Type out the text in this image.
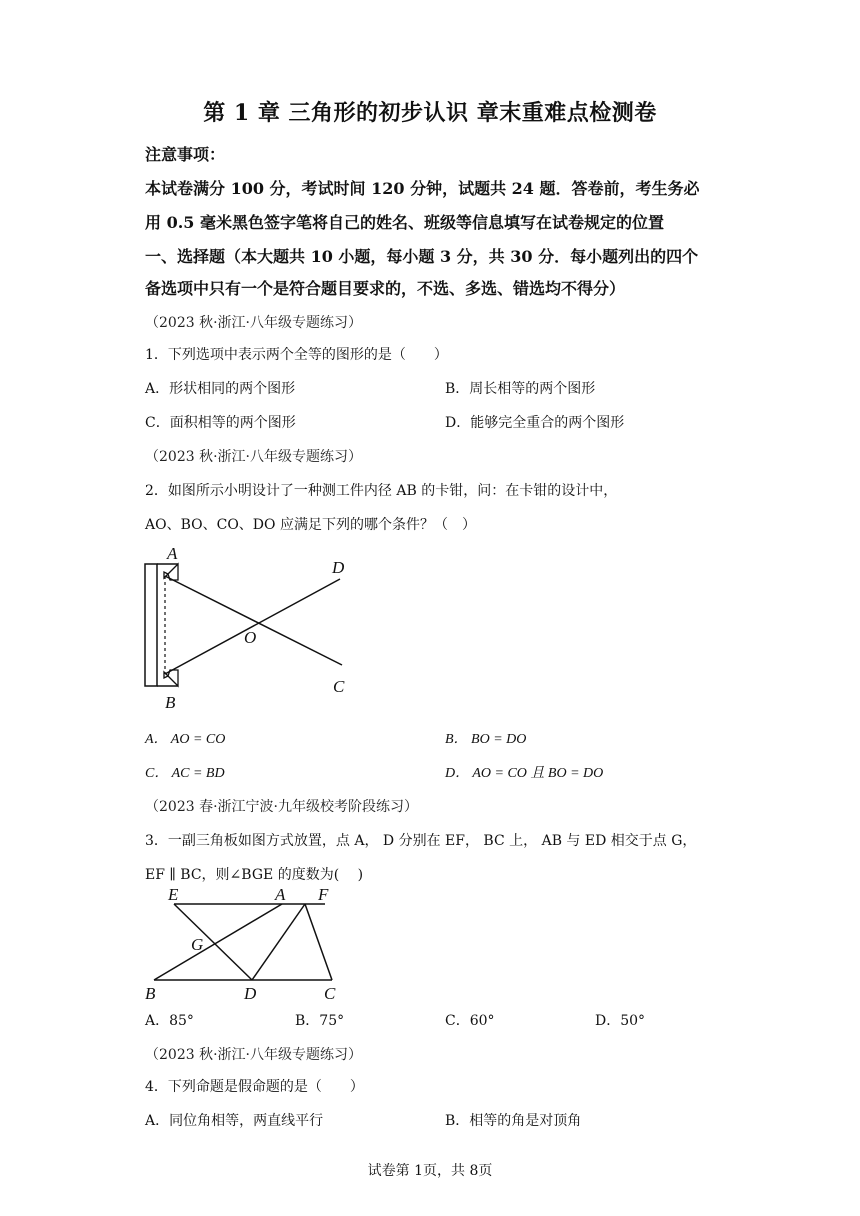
第 1 章 三角形的初步认识 章末重难点检测卷
注意事项：
本试卷满分 100 分，考试时间 120 分钟，试题共 24 题．答卷前，考生务必
用 0.5 毫米黑色签字笔将自己的姓名、班级等信息填写在试卷规定的位置
一、选择题（本大题共 10 小题，每小题 3 分，共 30 分．每小题列出的四个
备选项中只有一个是符合题目要求的，不选、多选、错选均不得分）
（2023 秋·浙江·八年级专题练习）
1．下列选项中表示两个全等的图形的是（　　）
A．形状相同的两个图形	B．周长相等的两个图形
C．面积相等的两个图形	D．能够完全重合的两个图形
（2023 秋·浙江·八年级专题练习）
2．如图所示小明设计了一种测工件内径 AB 的卡钳，问：在卡钳的设计中，
AO、BO、CO、DO 应满足下列的哪个条件？（　）
A
B
D
C
O
A． AO = CO	B． BO = DO
C． AC = BD	D． AO = CO 且 BO = DO
（2023 春·浙江宁波·九年级校考阶段练习）
3．一副三角板如图方式放置，点 A， D 分别在 EF， BC 上， AB 与 ED 相交于点 G，
EF ∥ BC，则∠BGE 的度数为(　 )
E	A F
G
B	D	C
A．85°	B．75°	C．60°	D．50°
（2023 秋·浙江·八年级专题练习）
4．下列命题是假命题的是（　　）
A．同位角相等，两直线平行	B．相等的角是对顶角
试卷第 1页，共 8页
